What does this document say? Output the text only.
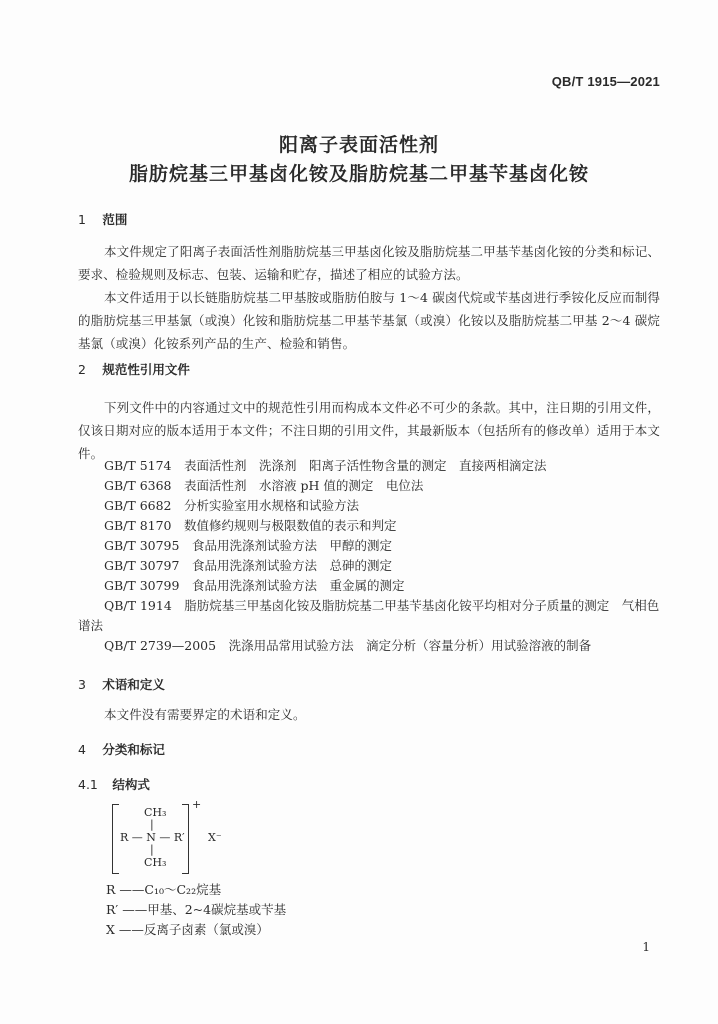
QB/T 1915—2021
阳离子表面活性剂
脂肪烷基三甲基卤化铵及脂肪烷基二甲基苄基卤化铵
1 范围
本文件规定了阳离子表面活性剂脂肪烷基三甲基卤化铵及脂肪烷基二甲基苄基卤化铵的分类和标记、要求、检验规则及标志、包装、运输和贮存，描述了相应的试验方法。
本文件适用于以长链脂肪烷基二甲基胺或脂肪伯胺与 1～4 碳卤代烷或苄基卤进行季铵化反应而制得的脂肪烷基三甲基氯（或溴）化铵和脂肪烷基二甲基苄基氯（或溴）化铵以及脂肪烷基二甲基 2～4 碳烷基氯（或溴）化铵系列产品的生产、检验和销售。
2 规范性引用文件
下列文件中的内容通过文中的规范性引用而构成本文件必不可少的条款。其中，注日期的引用文件，仅该日期对应的版本适用于本文件；不注日期的引用文件，其最新版本（包括所有的修改单）适用于本文件。
GB/T 5174　表面活性剂　洗涤剂　阳离子活性物含量的测定　直接两相滴定法
GB/T 6368　表面活性剂　水溶液 pH 值的测定　电位法
GB/T 6682　分析实验室用水规格和试验方法
GB/T 8170　数值修约规则与极限数值的表示和判定
GB/T 30795　食品用洗涤剂试验方法　甲醇的测定
GB/T 30797　食品用洗涤剂试验方法　总砷的测定
GB/T 30799　食品用洗涤剂试验方法　重金属的测定
QB/T 1914　脂肪烷基三甲基卤化铵及脂肪烷基二甲基苄基卤化铵平均相对分子质量的测定　气相色谱法
QB/T 2739—2005　洗涤用品常用试验方法　滴定分析（容量分析）用试验溶液的制备
3 术语和定义
本文件没有需要界定的术语和定义。
4 分类和标记
4.1 结构式
CH₃
|
R — N — R′
|
CH₃
+
X⁻
R ——C₁₀～C₂₂烷基
R′ ——甲基、2~4碳烷基或苄基
X ——反离子卤素（氯或溴）
1
